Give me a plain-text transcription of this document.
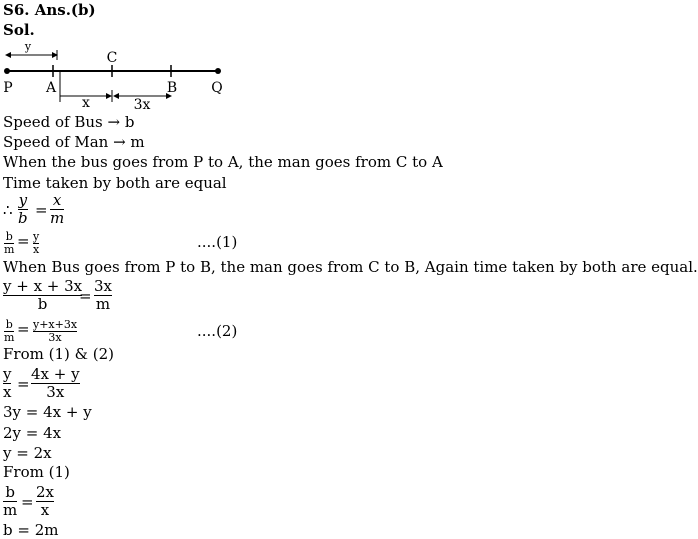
S6. Ans.(b)
Sol.
y
C
P A	B Q
x	3x
Speed of Bus → b
Speed of Man → m
When the bus goes from P to A, the man goes from C to A
Time taken by both are equal
∴
y
b =
x
m
b
m = y
x	....(1)
When Bus goes from P to B, the man goes from C to B, Again time taken by both are equal.
y + x + 3x
b =
3x
m
b
m = y+x+3x
3x	....(2)
From (1) & (2)
y
x =
4x + y
3x
3y = 4x + y
2y = 4x
y = 2x
From (1)
b
m =
2x
x
b = 2m
